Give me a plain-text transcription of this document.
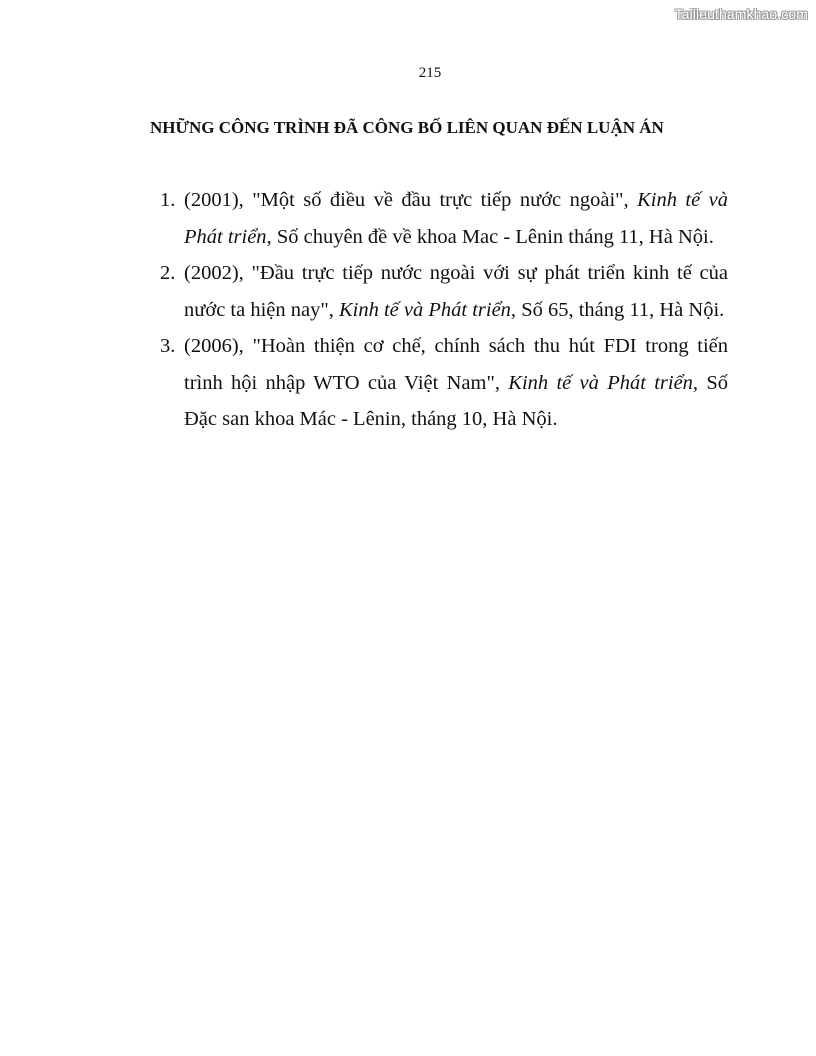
Tailieuthamkhao.com
215
NHỮNG CÔNG TRÌNH ĐÃ CÔNG BỐ LIÊN QUAN ĐẾN LUẬN ÁN
1. (2001), "Một số điều về đầu trực tiếp nước ngoài", Kinh tế và Phát triển, Số chuyên đề về khoa Mac - Lênin tháng 11, Hà Nội.
2. (2002), "Đầu trực tiếp nước ngoài với sự phát triển kinh tế của nước ta hiện nay", Kinh tế và Phát triển, Số 65, tháng 11, Hà Nội.
3. (2006), "Hoàn thiện cơ chế, chính sách thu hút FDI trong tiến trình hội nhập WTO của Việt Nam", Kinh tế và Phát triển, Số Đặc san khoa Mác - Lênin, tháng 10, Hà Nội.
